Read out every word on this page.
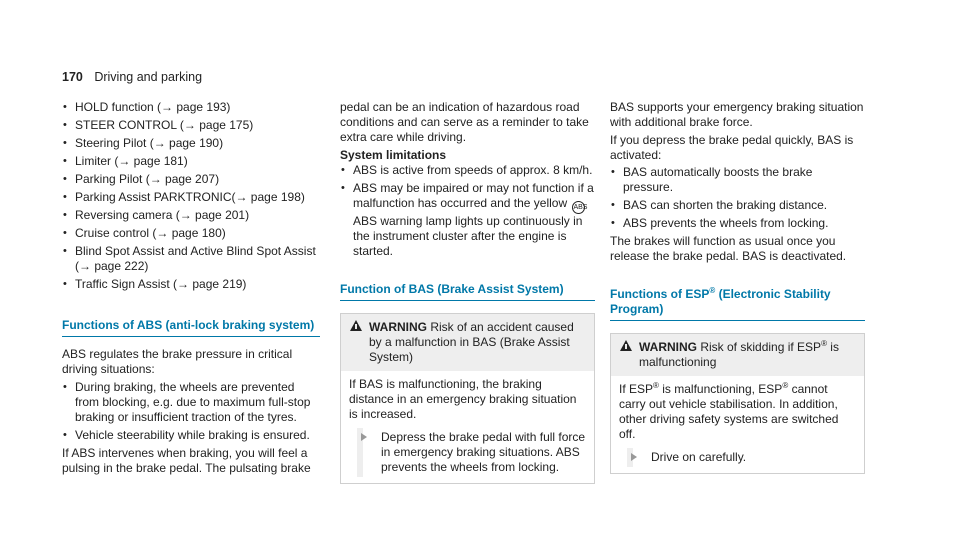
170 Driving and parking
• HOLD function (→ page 193)
• STEER CONTROL (→ page 175)
• Steering Pilot (→ page 190)
• Limiter (→ page 181)
• Parking Pilot (→ page 207)
• Parking Assist PARKTRONIC(→ page 198)
• Reversing camera (→ page 201)
• Cruise control (→ page 180)
• Blind Spot Assist and Active Blind Spot Assist (→ page 222)
• Traffic Sign Assist (→ page 219)
Functions of ABS (anti-lock braking system)

ABS regulates the brake pressure in critical driving situations:

• During braking, the wheels are prevented from blocking, e.g. due to maximum full-stop braking or insufficient traction of the tyres.
• Vehicle steerability while braking is ensured.

If ABS intervenes when braking, you will feel a pulsing in the brake pedal. The pulsating brake

pedal can be an indication of hazardous road conditions and can serve as a reminder to take extra care while driving.

System limitations

• ABS is active from speeds of approx. 8 km/h.
• ABS may be impaired or may not function if a malfunction has occurred and the yellow ABS ABS warning lamp lights up continuously in the instrument cluster after the engine is started.
Function of BAS (Brake Assist System)
WARNING Risk of an accident caused by a malfunction in BAS (Brake Assist System)

If BAS is malfunctioning, the braking distance in an emergency braking situation is increased.

Depress the brake pedal with full force in emergency braking situations. ABS prevents the wheels from locking.

BAS supports your emergency braking situation with additional brake force.

If you depress the brake pedal quickly, BAS is activated:

• BAS automatically boosts the brake pressure.
• BAS can shorten the braking distance.
• ABS prevents the wheels from locking.

The brakes will function as usual once you release the brake pedal. BAS is deactivated.

Functions of ESP® (Electronic Stability Program)
WARNING Risk of skidding if ESP® is malfunctioning

If ESP® is malfunctioning, ESP® cannot carry out vehicle stabilisation. In addition, other driving safety systems are switched off.

Drive on carefully.
